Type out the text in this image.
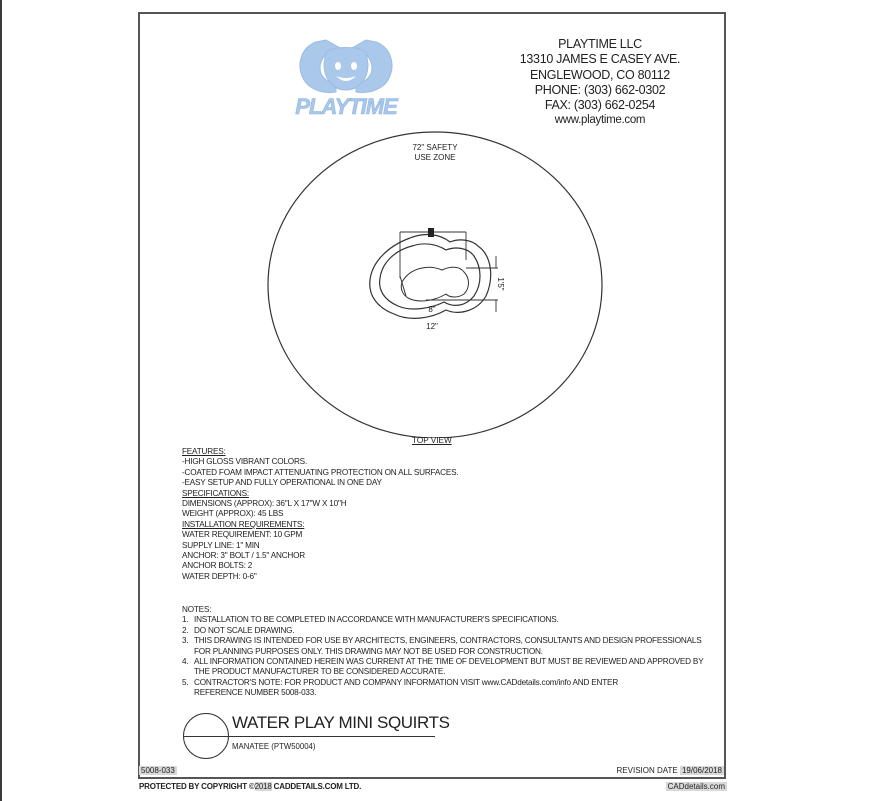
PLAYTIME
PLAYTIME LLC
13310 JAMES E CASEY AVE.
ENGLEWOOD, CO 80112
PHONE: (303) 662-0302
FAX: (303) 662-0254
www.playtime.com
72" SAFETY
USE ZONE
8"
12"
1'5"
TOP VIEW
FEATURES:
-HIGH GLOSS VIBRANT COLORS.
-COATED FOAM IMPACT ATTENUATING PROTECTION ON ALL SURFACES.
-EASY SETUP AND FULLY OPERATIONAL IN ONE DAY
SPECIFICATIONS:
DIMENSIONS (APPROX): 36"L X 17"W X 10"H
WEIGHT (APPROX): 45 LBS
INSTALLATION REQUIREMENTS:
WATER REQUIREMENT: 10 GPM
SUPPLY LINE: 1" MIN
ANCHOR: 3" BOLT / 1.5" ANCHOR
ANCHOR BOLTS: 2
WATER DEPTH: 0-6"
NOTES:
1. INSTALLATION TO BE COMPLETED IN ACCORDANCE WITH MANUFACTURER'S SPECIFICATIONS.
2. DO NOT SCALE DRAWING.
3. THIS DRAWING IS INTENDED FOR USE BY ARCHITECTS, ENGINEERS, CONTRACTORS, CONSULTANTS AND DESIGN PROFESSIONALS
FOR PLANNING PURPOSES ONLY. THIS DRAWING MAY NOT BE USED FOR CONSTRUCTION.
4. ALL INFORMATION CONTAINED HEREIN WAS CURRENT AT THE TIME OF DEVELOPMENT BUT MUST BE REVIEWED AND APPROVED BY
THE PRODUCT MANUFACTURER TO BE CONSIDERED ACCURATE.
5. CONTRACTOR'S NOTE: FOR PRODUCT AND COMPANY INFORMATION VISIT www.CADdetails.com/info AND ENTER
REFERENCE NUMBER 5008-033.
WATER PLAY MINI SQUIRTS
MANATEE (PTW50004)
5008-033	REVISION DATE 19/06/2018
PROTECTED BY COPYRIGHT ©2018 CADDETAILS.COM LTD.	CADdetails.com
